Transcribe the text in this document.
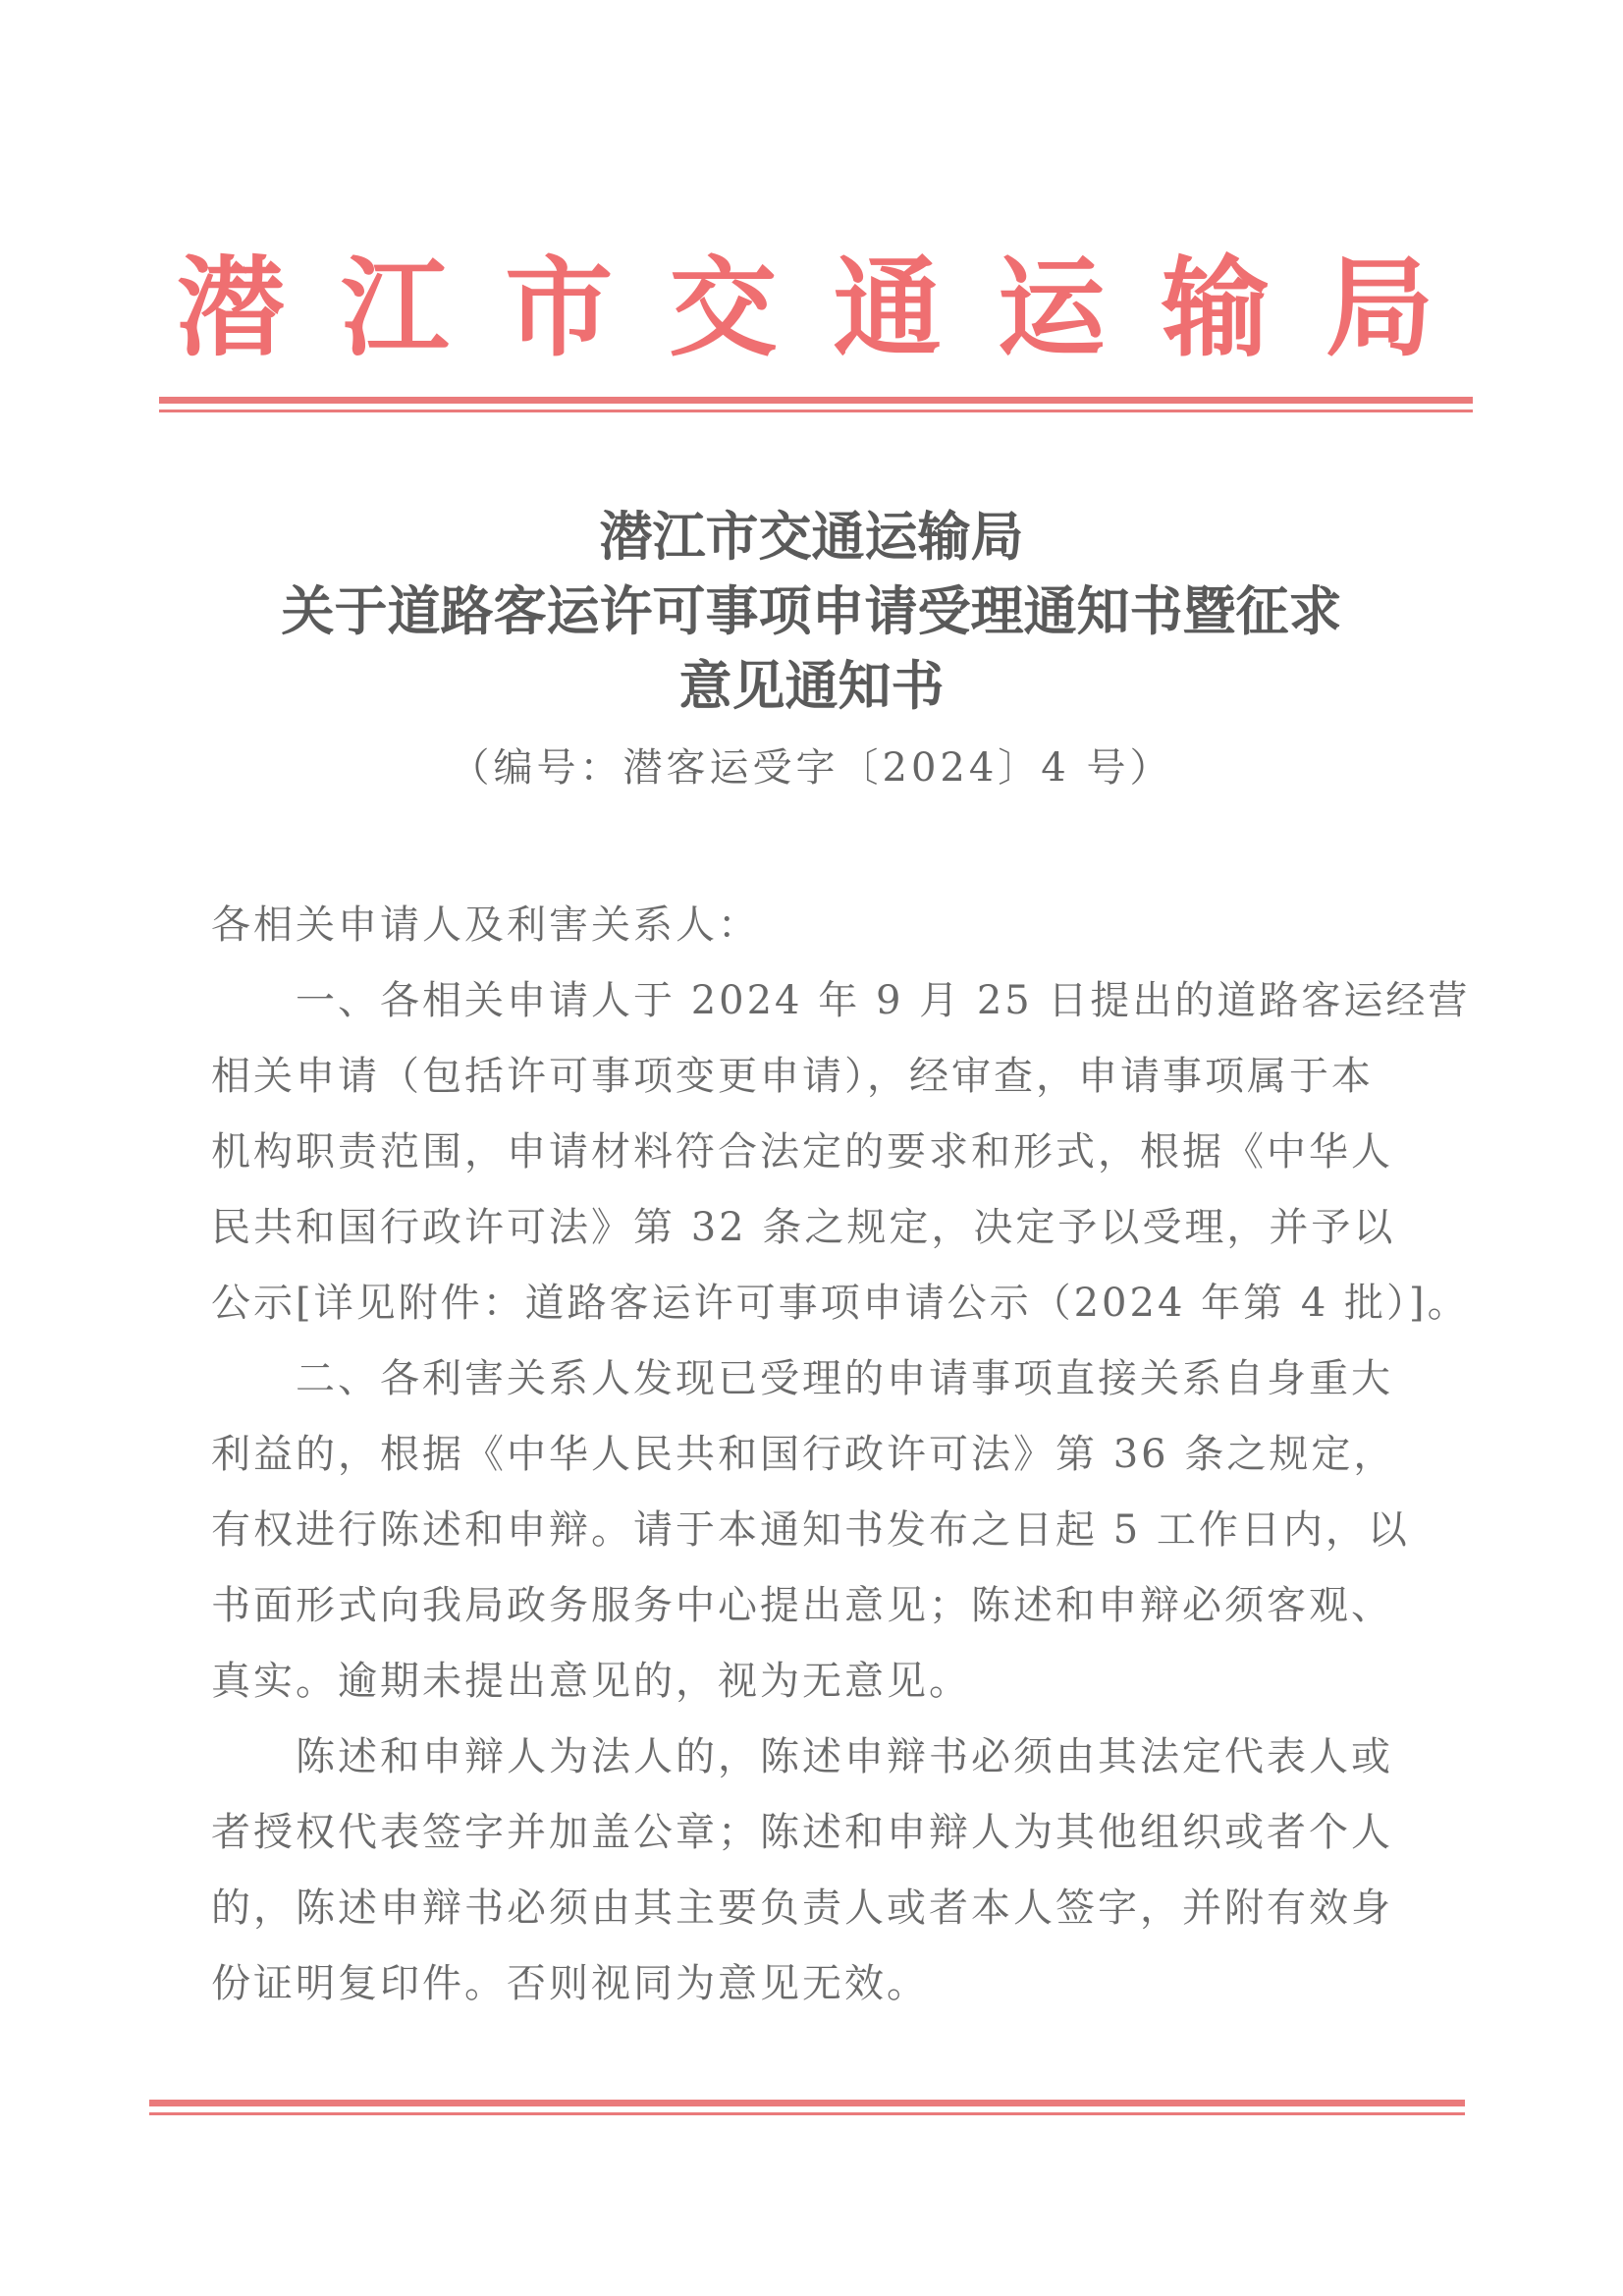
潜 江 市 交 通 运 输 局
潜江市交通运输局
关于道路客运许可事项申请受理通知书暨征求
意见通知书
（编号：潜客运受字〔2024〕4 号）
各相关申请人及利害关系人：
　　一、各相关申请人于 2024 年 9 月 25 日提出的道路客运经营
相关申请（包括许可事项变更申请），经审查，申请事项属于本
机构职责范围，申请材料符合法定的要求和形式，根据《中华人
民共和国行政许可法》第 32 条之规定，决定予以受理，并予以
公示[详见附件：道路客运许可事项申请公示（2024 年第 4 批）]。
　　二、各利害关系人发现已受理的申请事项直接关系自身重大
利益的，根据《中华人民共和国行政许可法》第 36 条之规定，
有权进行陈述和申辩。请于本通知书发布之日起 5 工作日内，以
书面形式向我局政务服务中心提出意见；陈述和申辩必须客观、
真实。逾期未提出意见的，视为无意见。
　　陈述和申辩人为法人的，陈述申辩书必须由其法定代表人或
者授权代表签字并加盖公章；陈述和申辩人为其他组织或者个人
的，陈述申辩书必须由其主要负责人或者本人签字，并附有效身
份证明复印件。否则视同为意见无效。
